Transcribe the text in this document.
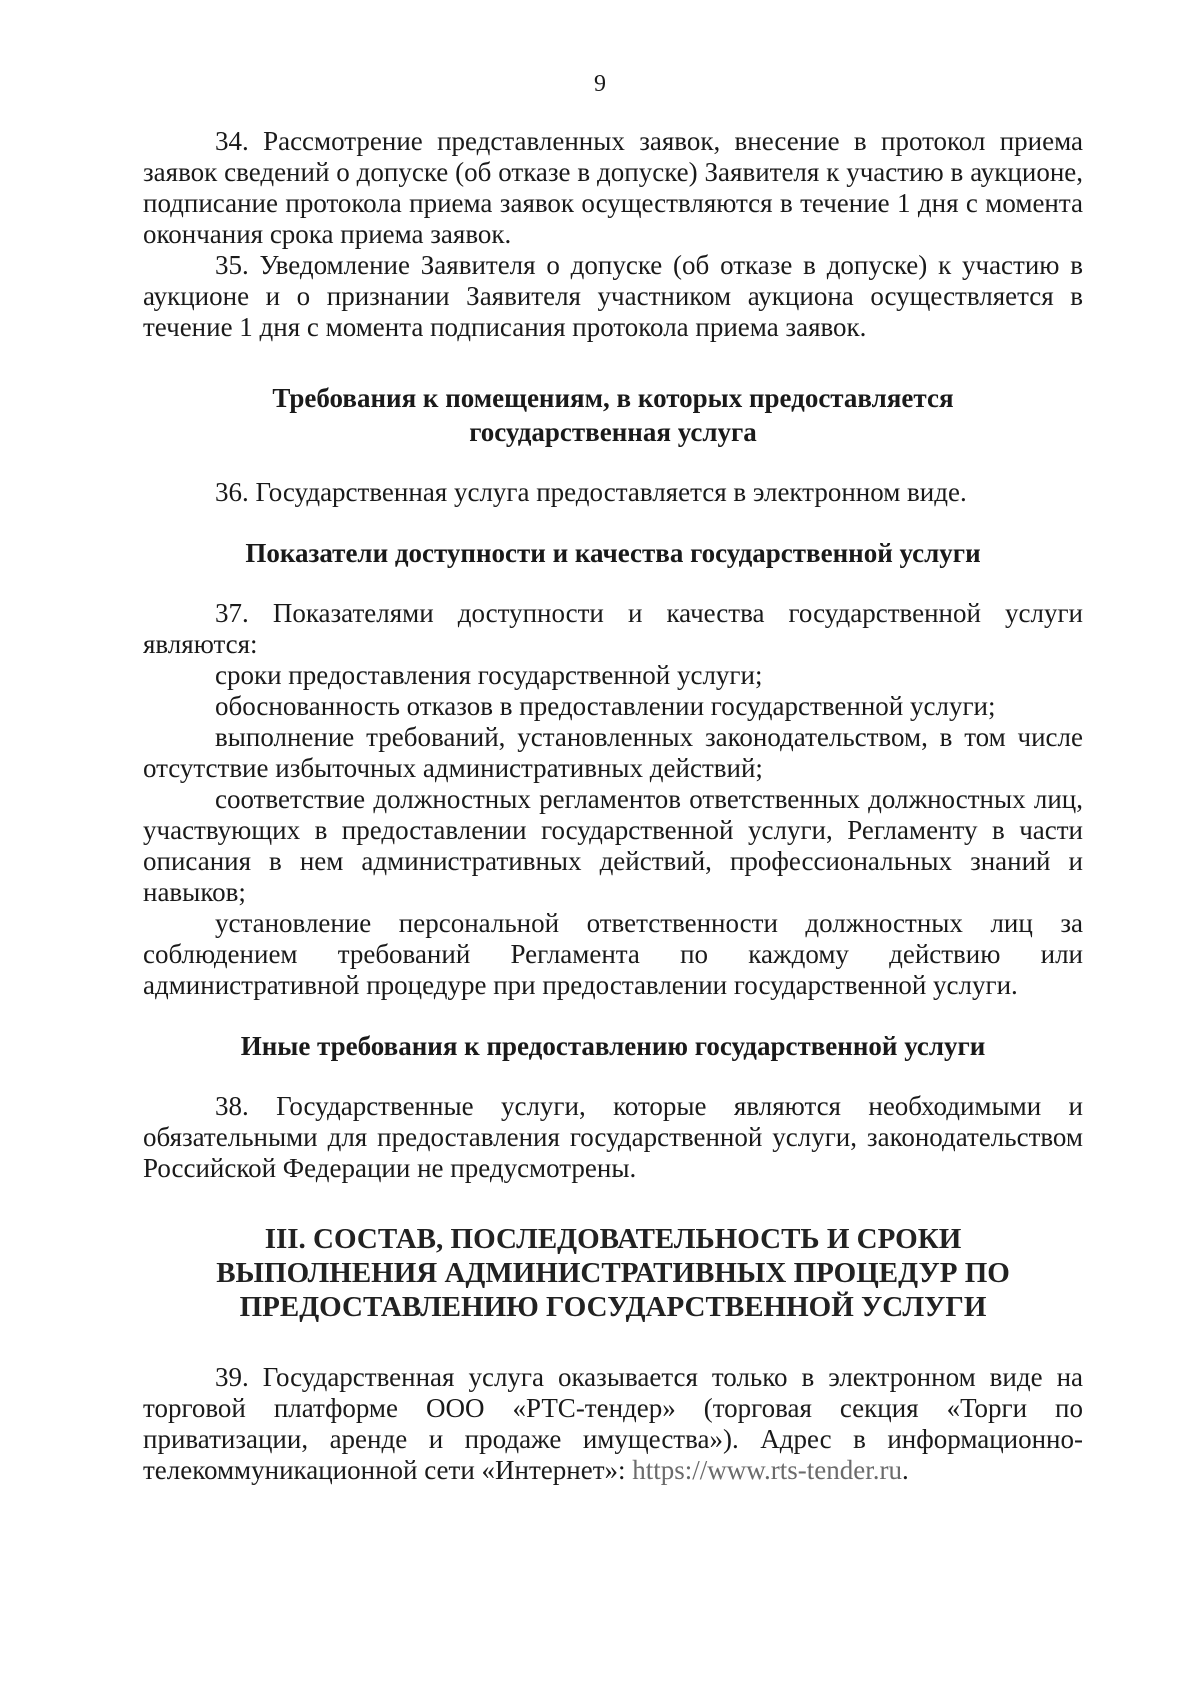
9

34. Рассмотрение представленных заявок, внесение в протокол приема заявок сведений о допуске (об отказе в допуске) Заявителя к участию в аукционе, подписание протокола приема заявок осуществляются в течение 1 дня с момента окончания срока приема заявок.

35. Уведомление Заявителя о допуске (об отказе в допуске) к участию в аукционе и о признании Заявителя участником аукциона осуществляется в течение 1 дня с момента подписания протокола приема заявок.

Требования к помещениям, в которых предоставляется
государственная услуга

36. Государственная услуга предоставляется в электронном виде.

Показатели доступности и качества государственной услуги

37. Показателями доступности и качества государственной услуги являются:

сроки предоставления государственной услуги;

обоснованность отказов в предоставлении государственной услуги;

выполнение требований, установленных законодательством, в том числе отсутствие избыточных административных действий;

соответствие должностных регламентов ответственных должностных лиц, участвующих в предоставлении государственной услуги, Регламенту в части описания в нем административных действий, профессиональных знаний и навыков;

установление персональной ответственности должностных лиц за соблюдением требований Регламента по каждому действию или административной процедуре при предоставлении государственной услуги.

Иные требования к предоставлению государственной услуги

38. Государственные услуги, которые являются необходимыми и обязательными для предоставления государственной услуги, законодательством Российской Федерации не предусмотрены.

III. СОСТАВ, ПОСЛЕДОВАТЕЛЬНОСТЬ И СРОКИ
ВЫПОЛНЕНИЯ АДМИНИСТРАТИВНЫХ ПРОЦЕДУР ПО
ПРЕДОСТАВЛЕНИЮ ГОСУДАРСТВЕННОЙ УСЛУГИ

39. Государственная услуга оказывается только в электронном виде на торговой платформе ООО «РТС-тендер» (торговая секция «Торги по приватизации, аренде и продаже имущества»). Адрес в информационно-телекоммуникационной сети «Интернет»: https://www.rts-tender.ru.
